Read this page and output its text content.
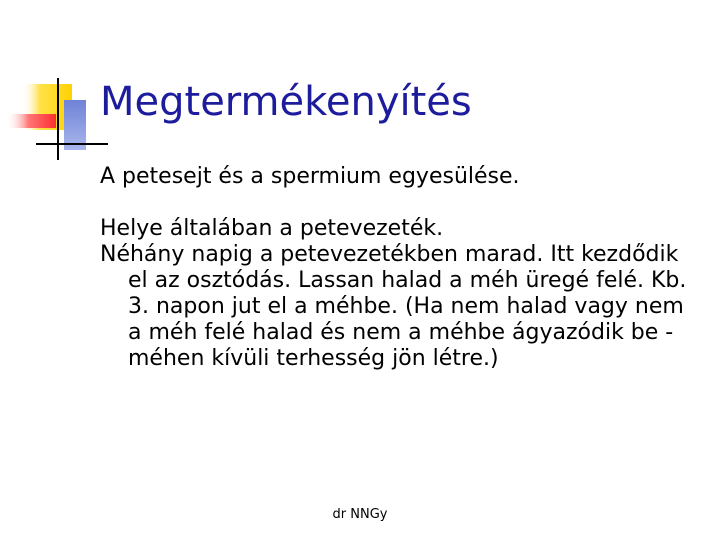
Megtermékenyítés

A petesejt és a spermium egyesülése.

Helye általában a petevezeték.

Néhány napig a petevezetékben marad. Itt kezdődik el az osztódás. Lassan halad a méh üregé felé. Kb. 3. napon jut el a méhbe. (Ha nem halad vagy nem a méh felé halad és nem a méhbe ágyazódik be - méhen kívüli terhesség jön létre.)

dr NNGy
